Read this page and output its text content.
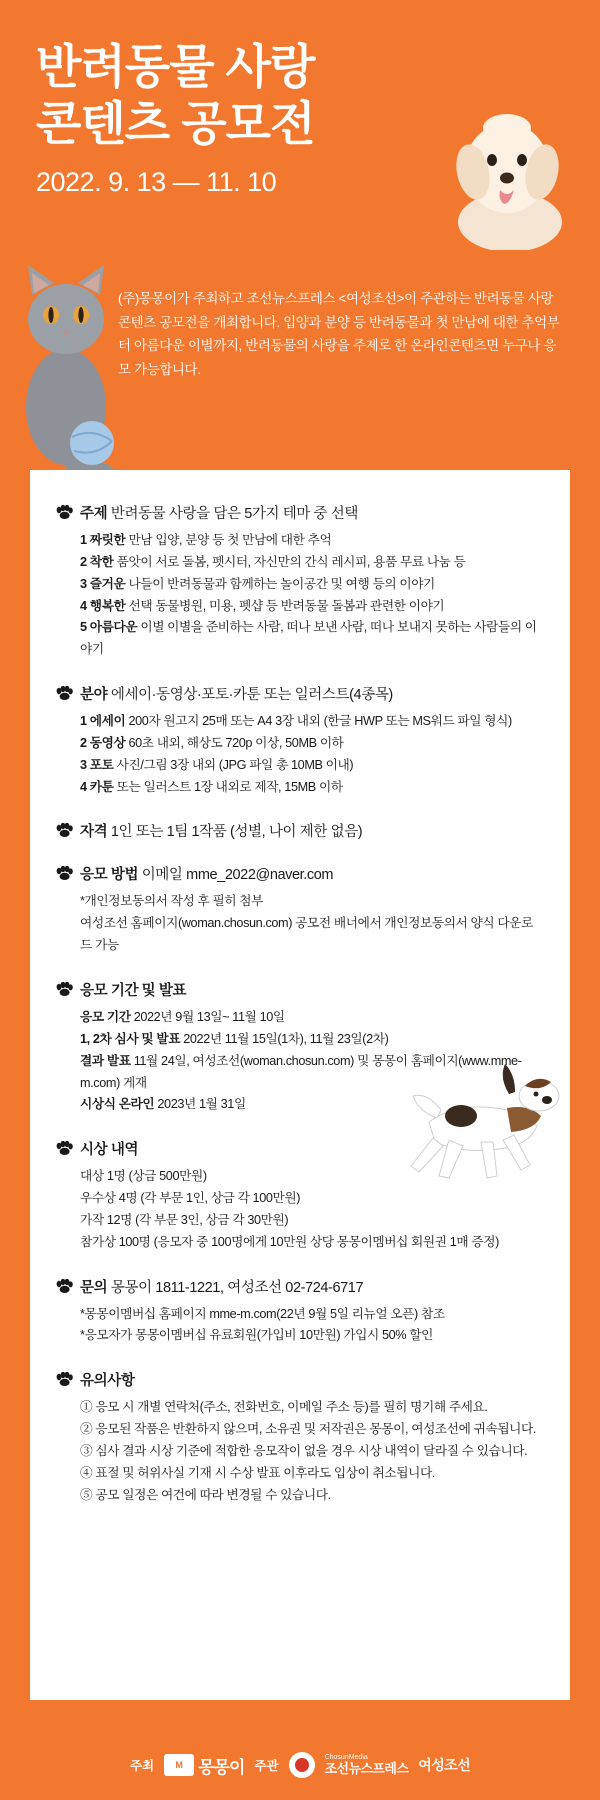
반려동물 사랑
콘텐츠 공모전
2022. 9. 13 — 11. 10

(주)몽몽이가 주최하고 조선뉴스프레스 <여성조선>이 주관하는 반려동물 사랑 콘텐츠 공모전을 개최합니다. 입양과 분양 등 반려동물과 첫 만남에 대한 추억부터 아름다운 이별까지, 반려동물의 사랑을 주제로 한 온라인콘텐츠면 누구나 응모 가능합니다.

주제 반려동물 사랑을 담은 5가지 테마 중 선택
1 짜릿한 만남 입양, 분양 등 첫 만남에 대한 추억
2 착한 품앗이 서로 돌봄, 펫시터, 자신만의 간식 레시피, 용품 무료 나눔 등
3 즐거운 나들이 반려동물과 함께하는 놀이공간 및 여행 등의 이야기
4 행복한 선택 동물병원, 미용, 펫샵 등 반려동물 돌봄과 관련한 이야기
5 아름다운 이별 이별을 준비하는 사람, 떠나 보낸 사람, 떠나 보내지 못하는 사람들의 이야기
분야 에세이·동영상·포토·카툰 또는 일러스트(4종목)
1 에세이 200자 원고지 25매 또는 A4 3장 내외 (한글 HWP 또는 MS워드 파일 형식)
2 동영상 60초 내외, 해상도 720p 이상, 50MB 이하
3 포토 사진/그림 3장 내외 (JPG 파일 총 10MB 이내)
4 카툰 또는 일러스트 1장 내외로 제작, 15MB 이하
자격 1인 또는 1팀 1작품 (성별, 나이 제한 없음)
응모 방법 이메일 mme_2022@naver.com
*개인정보동의서 작성 후 필히 첨부
여성조선 홈페이지(woman.chosun.com) 공모전 배너에서 개인정보동의서 양식 다운로드 가능
응모 기간 및 발표
응모 기간 2022년 9월 13일~ 11월 10일
1, 2차 심사 및 발표 2022년 11월 15일(1차), 11월 23일(2차)
결과 발표 11월 24일, 여성조선(woman.chosun.com) 및 몽몽이 홈페이지(www.mme-m.com) 게재
시상식 온라인 2023년 1월 31일
시상 내역
대상 1명 (상금 500만원)
우수상 4명 (각 부문 1인, 상금 각 100만원)
가작 12명 (각 부문 3인, 상금 각 30만원)
참가상 100명 (응모자 중 100명에게 10만원 상당 몽몽이멤버십 회원권 1매 증정)
문의 몽몽이 1811-1221, 여성조선 02-724-6717
*몽몽이멤버십 홈페이지 mme-m.com(22년 9월 5일 리뉴얼 오픈) 참조
*응모자가 몽몽이멤버십 유료회원(가입비 10만원) 가입시 50% 할인
유의사항
① 응모 시 개별 연락처(주소, 전화번호, 이메일 주소 등)를 필히 명기해 주세요.
② 응모된 작품은 반환하지 않으며, 소유권 및 저작권은 몽몽이, 여성조선에 귀속됩니다.
③ 심사 결과 시상 기준에 적합한 응모작이 없을 경우 시상 내역이 달라질 수 있습니다.
④ 표절 및 허위사실 기재 시 수상 발표 이후라도 입상이 취소됩니다.
⑤ 공모 일정은 여건에 따라 변경될 수 있습니다.
주최	M 몽몽이 주관
ChosunMedia
조선뉴스프레스 여성조선
